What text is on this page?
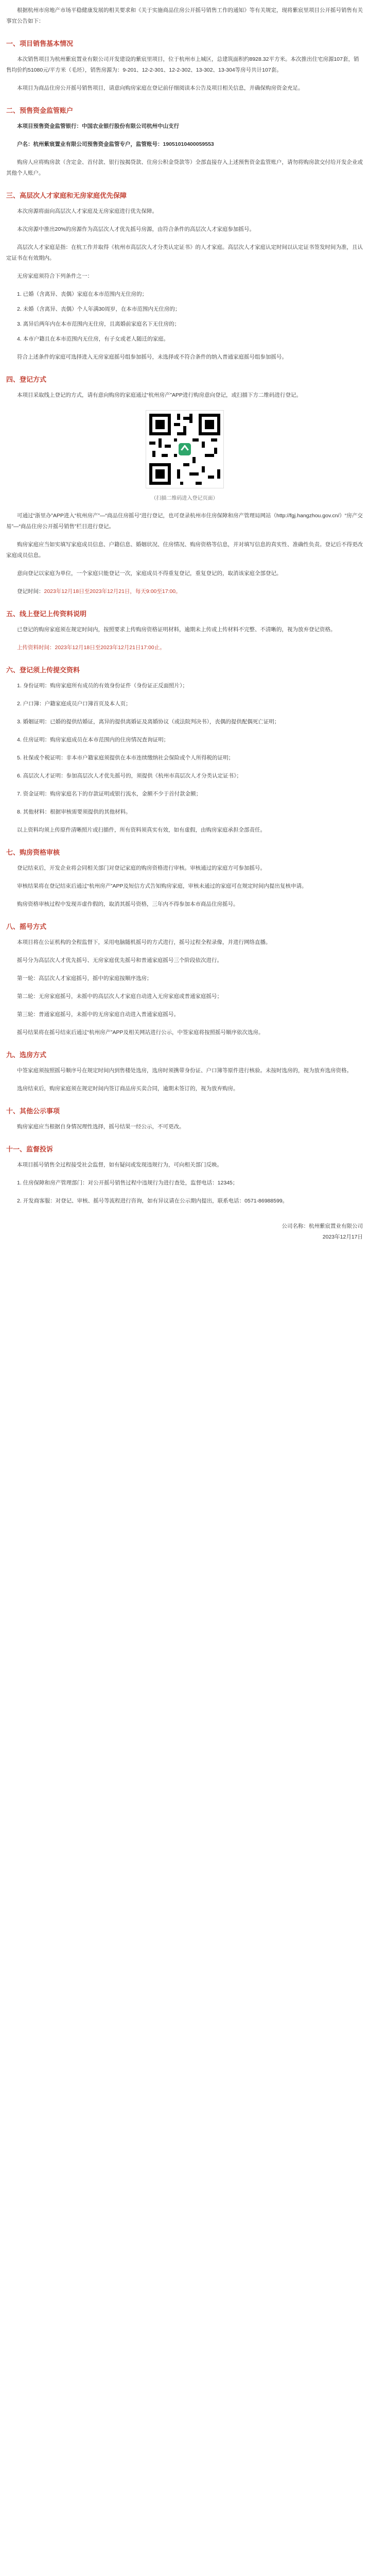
根据杭州市房地产市场平稳健康发展的相关要求和《关于实施商品住房公开摇号销售工作的通知》等有关规定，现将紫宸里项目公开摇号销售有关事宜公告如下：

一、项目销售基本情况

本次销售项目为杭州紫宸置业有限公司开发建设的紫宸里项目，位于杭州市上城区，总建筑面积约8928.32平方米。本次推出住宅房源107套，销售均价约51080元/平方米（毛坯），销售房源为：9-201、12-2-301、12-2-302、13-302、13-304等房号共计107套。

本项目为商品住房公开摇号销售项目，请意向购房家庭在登记前仔细阅读本公告及项目相关信息，并确保购房资金充足。

二、预售资金监管账户

本项目预售资金监管银行：中国农业银行股份有限公司杭州中山支行

户名：杭州紫宸置业有限公司预售资金监管专户，监管账号：19051010400059553

购房人应将购房款（含定金、首付款、银行按揭贷款、住房公积金贷款等）全部直接存入上述预售资金监管账户，请勿将购房款交付给开发企业或其他个人账户。

三、高层次人才家庭和无房家庭优先保障

本次房源将面向高层次人才家庭及无房家庭进行优先保障。

本次房源中推出20%的房源作为高层次人才优先摇号房源，由符合条件的高层次人才家庭参加摇号。

高层次人才家庭是指：在杭工作并取得《杭州市高层次人才分类认定证书》的人才家庭。高层次人才家庭认定时间以认定证书签发时间为准，且认定证书在有效期内。

无房家庭须符合下列条件之一：

1. 已婚（含离异、丧偶）家庭在本市范围内无住房的；
2. 未婚（含离异、丧偶）个人年满30周岁，在本市范围内无住房的；
3. 离异后两年内在本市范围内无住房，且离婚前家庭名下无住房的；
4. 本市户籍且在本市范围内无住房，有子女或老人随迁的家庭。

符合上述条件的家庭可选择进入无房家庭摇号组参加摇号，未选择或不符合条件的纳入普通家庭摇号组参加摇号。

四、登记方式

本项目采取线上登记的方式，请有意向购房的家庭通过“杭州房产”APP进行购房意向登记，或扫描下方二维码进行登记。

（扫描二维码进入登记页面）

可通过“浙里办”APP进入“杭州房产”—“商品住房摇号”进行登记，也可登录杭州市住房保障和房产管理局网站（http://fgj.hangzhou.gov.cn/）“房产交易”—“商品住房公开摇号销售”栏目进行登记。

购房家庭应当如实填写家庭成员信息、户籍信息、婚姻状况、住房情况、购房资格等信息，并对填写信息的真实性、准确性负责。登记后不得更改家庭成员信息。

意向登记以家庭为单位，一个家庭只能登记一次，家庭成员不得重复登记，重复登记的，取消该家庭全部登记。

登记时间：2023年12月18日至2023年12月21日，每天9:00至17:00。

五、线上登记上传资料说明

已登记的购房家庭须在规定时间内，按照要求上传购房资格证明材料，逾期未上传或上传材料不完整、不清晰的，视为放弃登记资格。

上传资料时间：2023年12月18日至2023年12月21日17:00止。

六、登记须上传提交资料

1. 身份证明：购房家庭所有成员的有效身份证件（身份证正反面照片）；

2. 户口簿：户籍家庭成员户口簿首页及本人页；

3. 婚姻证明：已婚的提供结婚证，离异的提供离婚证及离婚协议（或法院判决书），丧偶的提供配偶死亡证明；

4. 住房证明：购房家庭成员在本市范围内的住房情况查询证明；

5. 社保或个税证明：非本市户籍家庭须提供在本市连续缴纳社会保险或个人所得税的证明；

6. 高层次人才证明：参加高层次人才优先摇号的，须提供《杭州市高层次人才分类认定证书》；

7. 资金证明：购房家庭名下的存款证明或银行流水，金额不少于首付款金额；

8. 其他材料：根据审核需要须提供的其他材料。

以上资料均须上传原件清晰照片或扫描件，所有资料须真实有效，如有虚假，由购房家庭承担全部责任。

七、购房资格审核

登记结束后，开发企业将会同相关部门对登记家庭的购房资格进行审核。审核通过的家庭方可参加摇号。

审核结果将在登记结束后通过“杭州房产”APP及短信方式告知购房家庭，审核未通过的家庭可在规定时间内提出复核申请。

购房资格审核过程中发现弄虚作假的，取消其摇号资格，三年内不得参加本市商品住房摇号。

八、摇号方式

本项目将在公证机构的全程监督下，采用电脑随机摇号的方式进行，摇号过程全程录像，并进行网络直播。

摇号分为高层次人才优先摇号、无房家庭优先摇号和普通家庭摇号三个阶段依次进行。

第一轮：高层次人才家庭摇号，摇中的家庭按顺序选房；

第二轮：无房家庭摇号，未摇中的高层次人才家庭自动进入无房家庭或普通家庭摇号；

第三轮：普通家庭摇号，未摇中的无房家庭自动进入普通家庭摇号。

摇号结果将在摇号结束后通过“杭州房产”APP及相关网站进行公示，中签家庭将按照摇号顺序依次选房。

九、选房方式

中签家庭须按照摇号顺序号在规定时间内到售楼处选房，选房时须携带身份证、户口簿等原件进行核验。未按时选房的，视为放弃选房资格。

选房结束后，购房家庭须在规定时间内签订商品房买卖合同，逾期未签订的，视为放弃购房。

十、其他公示事项

购房家庭应当根据自身情况理性选择，摇号结果一经公示，不可更改。

十一、监督投诉

本项目摇号销售全过程接受社会监督，如有疑问或发现违规行为，可向相关部门反映。

1. 住房保障和房产管理部门：对公开摇号销售过程中违规行为进行查处，监督电话：12345；

2. 开发商客服：对登记、审核、摇号等流程进行咨询，如有异议请在公示期内提出，联系电话：0571-86988599。

公司名称：杭州紫宸置业有限公司
2023年12月17日
